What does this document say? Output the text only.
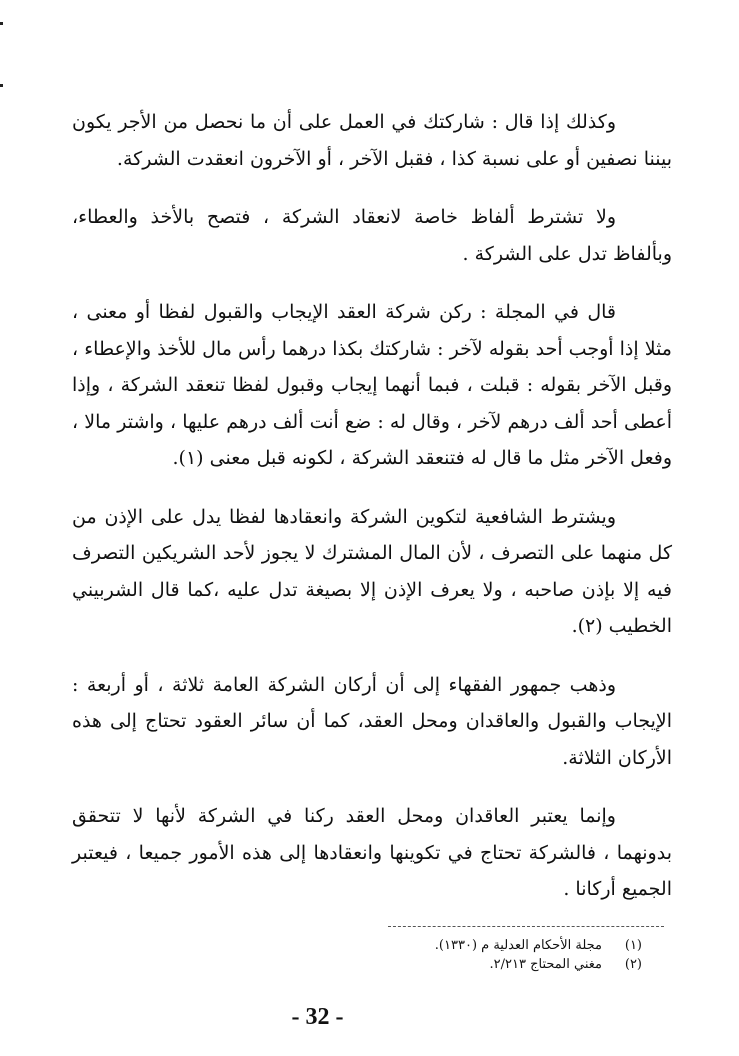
وكذلك إذا قال : شاركتك في العمل على أن ما نحصل من الأجر يكون بيننا نصفين أو على نسبة كذا ، فقبل الآخر ، أو الآخرون انعقدت الشركة.

ولا تشترط ألفاظ خاصة لانعقاد الشركة ، فتصح بالأخذ والعطاء، وبألفاظ تدل على الشركة .

قال في المجلة : ركن شركة العقد الإيجاب والقبول لفظا أو معنى ، مثلا إذا أوجب أحد بقوله لآخر : شاركتك بكذا درهما رأس مال للأخذ والإعطاء ، وقبل الآخر بقوله : قبلت ، فبما أنهما إيجاب وقبول لفظا تنعقد الشركة ، وإذا أعطى أحد ألف درهم لآخر ، وقال له : ضع أنت ألف درهم عليها ، واشتر مالا ، وفعل الآخر مثل ما قال له فتنعقد الشركة ، لكونه قبل معنى (١).

ويشترط الشافعية لتكوين الشركة وانعقادها لفظا يدل على الإذن من كل منهما على التصرف ، لأن المال المشترك لا يجوز لأحد الشريكين التصرف فيه إلا بإذن صاحبه ، ولا يعرف الإذن إلا بصيغة تدل عليه ،كما قال الشربيني الخطيب (٢).

وذهب جمهور الفقهاء إلى أن أركان الشركة العامة ثلاثة ، أو أربعة : الإيجاب والقبول والعاقدان ومحل العقد، كما أن سائر العقود تحتاج إلى هذه الأركان الثلاثة.

وإنما يعتبر العاقدان ومحل العقد ركنا في الشركة لأنها لا تتحقق بدونهما ، فالشركة تحتاج في تكوينها وانعقادها إلى هذه الأمور جميعا ، فيعتبر الجميع أركانا .

(١)
مجلة الأحكام العدلية م (١٣٣٠).
(٢)
مغني المحتاج ٢/٢١٣.
- 32 -
